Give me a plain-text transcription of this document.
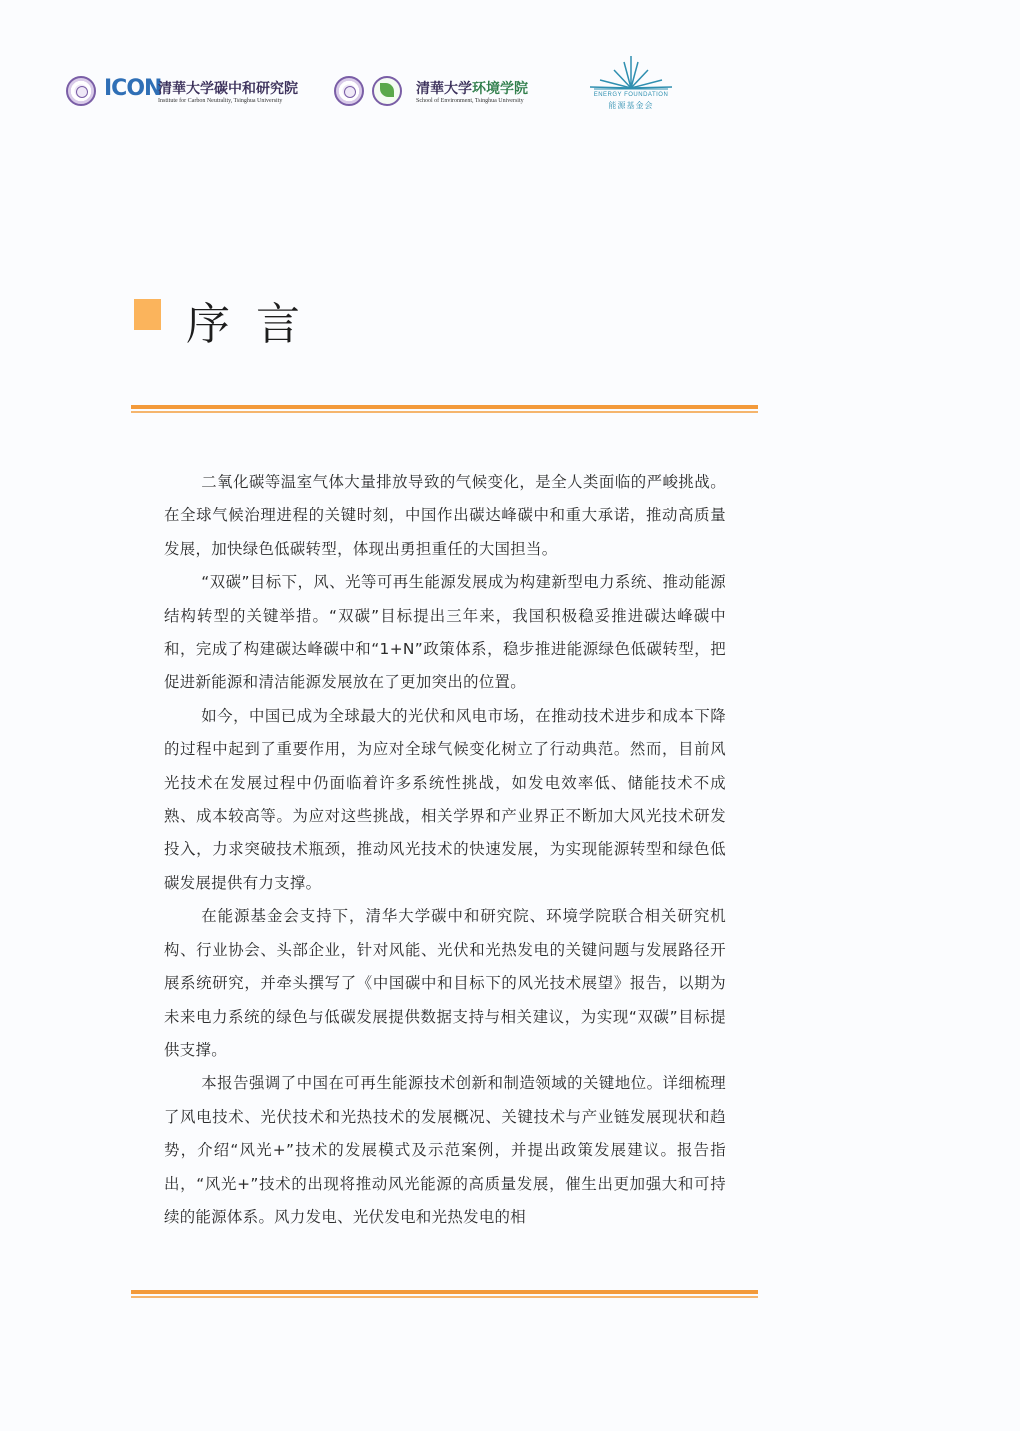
ICON
清華大学碳中和研究院
Institute for Carbon Neutrality, Tsinghua University
清華大学环境学院
School of Environment, Tsinghua University
ENERGY FOUNDATION
能源基金会
序言

二氧化碳等温室气体大量排放导致的气候变化，是全人类面临的严峻挑战。在全球气候治理进程的关键时刻，中国作出碳达峰碳中和重大承诺，推动高质量发展，加快绿色低碳转型，体现出勇担重任的大国担当。

“双碳”目标下，风、光等可再生能源发展成为构建新型电力系统、推动能源结构转型的关键举措。“双碳”目标提出三年来，我国积极稳妥推进碳达峰碳中和，完成了构建碳达峰碳中和“1+N”政策体系，稳步推进能源绿色低碳转型，把促进新能源和清洁能源发展放在了更加突出的位置。

如今，中国已成为全球最大的光伏和风电市场，在推动技术进步和成本下降的过程中起到了重要作用，为应对全球气候变化树立了行动典范。然而，目前风光技术在发展过程中仍面临着许多系统性挑战，如发电效率低、储能技术不成熟、成本较高等。为应对这些挑战，相关学界和产业界正不断加大风光技术研发投入，力求突破技术瓶颈，推动风光技术的快速发展，为实现能源转型和绿色低碳发展提供有力支撑。

在能源基金会支持下，清华大学碳中和研究院、环境学院联合相关研究机构、行业协会、头部企业，针对风能、光伏和光热发电的关键问题与发展路径开展系统研究，并牵头撰写了《中国碳中和目标下的风光技术展望》报告，以期为未来电力系统的绿色与低碳发展提供数据支持与相关建议，为实现“双碳”目标提供支撑。

本报告强调了中国在可再生能源技术创新和制造领域的关键地位。详细梳理了风电技术、光伏技术和光热技术的发展概况、关键技术与产业链发展现状和趋势，介绍“风光+”技术的发展模式及示范案例，并提出政策发展建议。报告指出，“风光+”技术的出现将推动风光能源的高质量发展，催生出更加强大和可持续的能源体系。风力发电、光伏发电和光热发电的相
